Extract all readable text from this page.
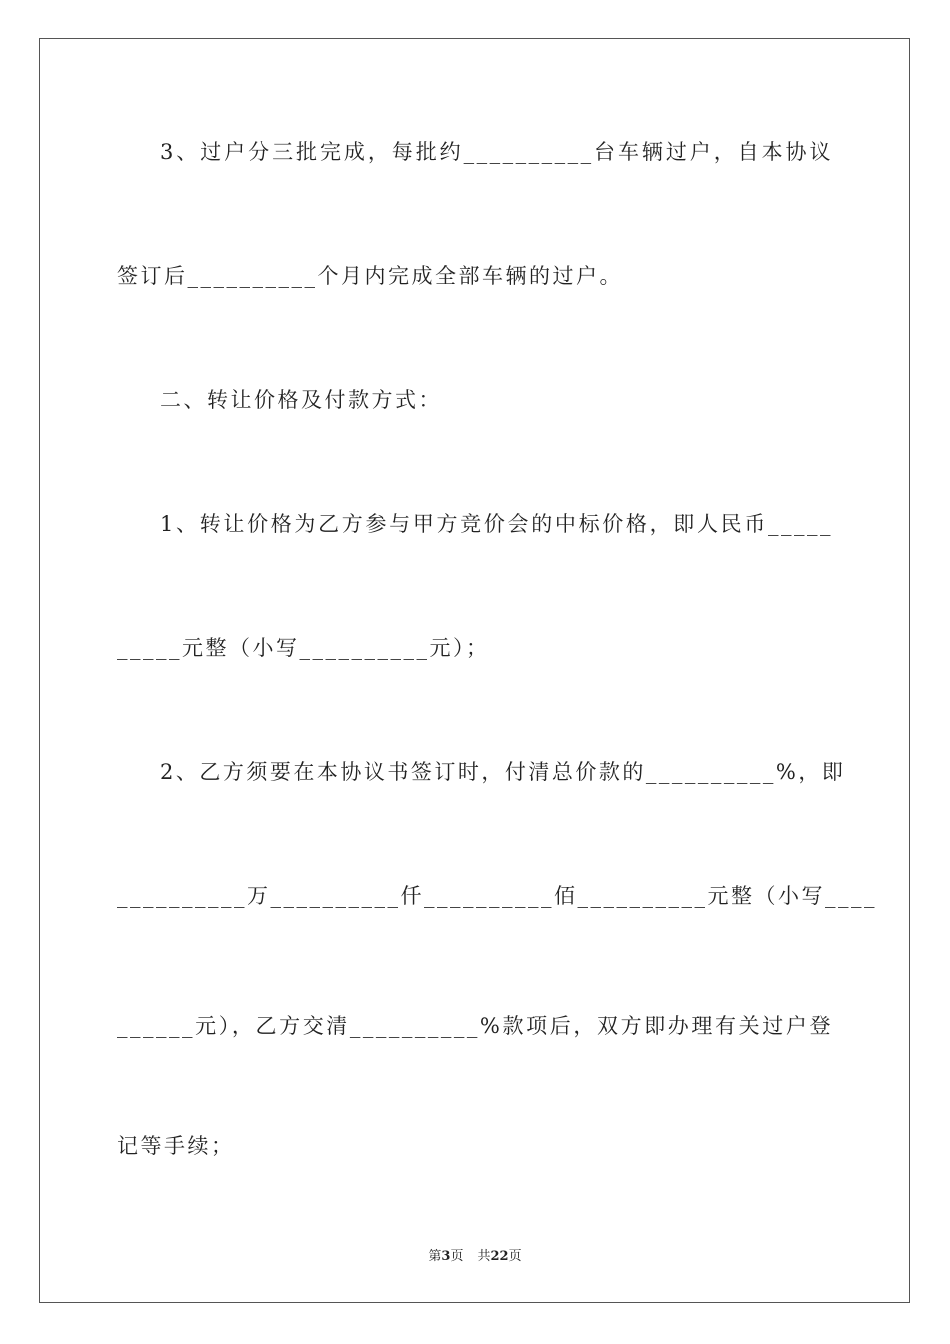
3、过户分三批完成，每批约__________台车辆过户，自本协议
签订后__________个月内完成全部车辆的过户。
二、转让价格及付款方式：
1、转让价格为乙方参与甲方竞价会的中标价格，即人民币_____
_____元整（小写__________元）；
2、乙方须要在本协议书签订时，付清总价款的__________%，即
__________万__________仟__________佰__________元整（小写____
______元），乙方交清__________%款项后，双方即办理有关过户登
记等手续；
第3页 共22页
